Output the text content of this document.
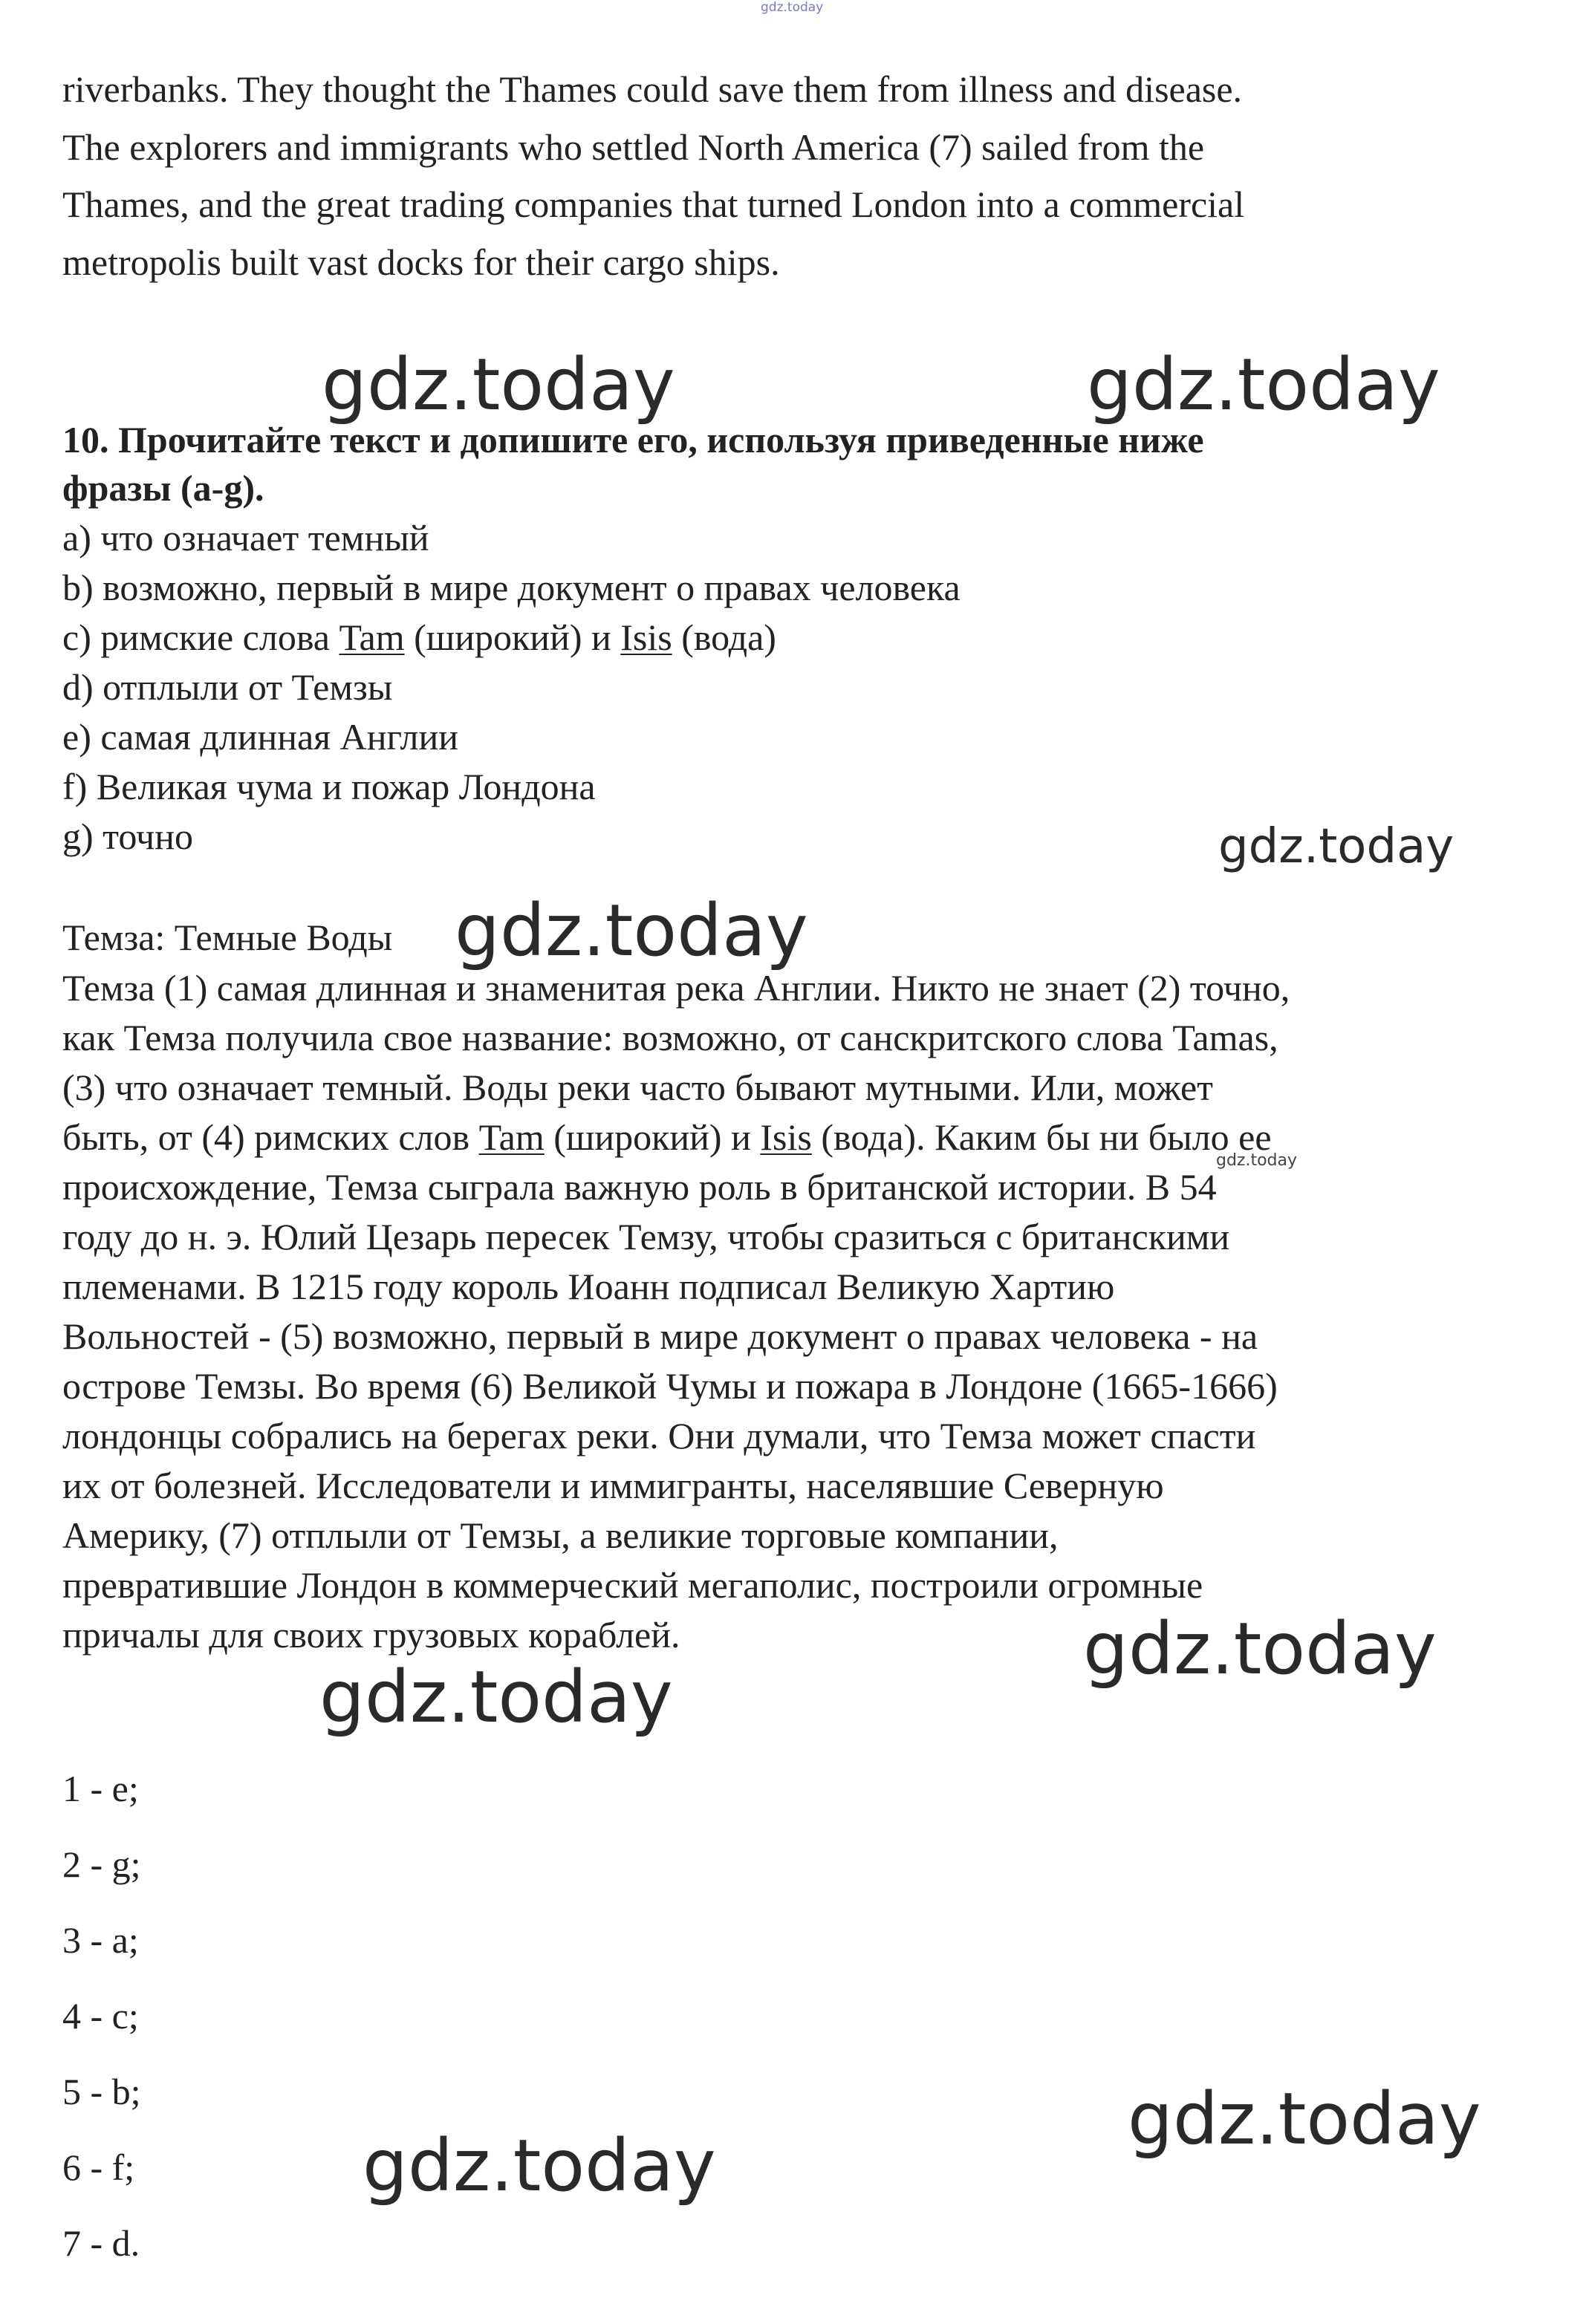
gdz.today
gdz.today	gdz.today
gdz.today
gdz.today
gdz.today
gdz.today
gdz.today
gdz.today
gdz.today
riverbanks. They thought the Thames could save them from illness and disease.
The explorers and immigrants who settled North America (7) sailed from the
Thames, and the great trading companies that turned London into a commercial
metropolis built vast docks for their cargo ships.
10. Прочитайте текст и допишите его, используя приведенные ниже
фразы (a-g).
a) что означает темный
b) возможно, первый в мире документ о правах человека
c) римские слова Tam (широкий) и Isis (вода)
d) отплыли от Темзы
e) самая длинная Англии
f) Великая чума и пожар Лондона
g) точно
Темза: Темные Воды
Темза (1) самая длинная и знаменитая река Англии. Никто не знает (2) точно,
как Темза получила свое название: возможно, от санскритского слова Tamas,
(3) что означает темный. Воды реки часто бывают мутными. Или, может
быть, от (4) римских слов Tam (широкий) и Isis (вода). Каким бы ни было ее
происхождение, Темза сыграла важную роль в британской истории. В 54
году до н. э. Юлий Цезарь пересек Темзу, чтобы сразиться с британскими
племенами. В 1215 году король Иоанн подписал Великую Хартию
Вольностей - (5) возможно, первый в мире документ о правах человека - на
острове Темзы. Во время (6) Великой Чумы и пожара в Лондоне (1665-1666)
лондонцы собрались на берегах реки. Они думали, что Темза может спасти
их от болезней. Исследователи и иммигранты, населявшие Северную
Америку, (7) отплыли от Темзы, а великие торговые компании,
превратившие Лондон в коммерческий мегаполис, построили огромные
причалы для своих грузовых кораблей.
1 - e;
2 - g;
3 - a;
4 - c;
5 - b;
6 - f;
7 - d.
